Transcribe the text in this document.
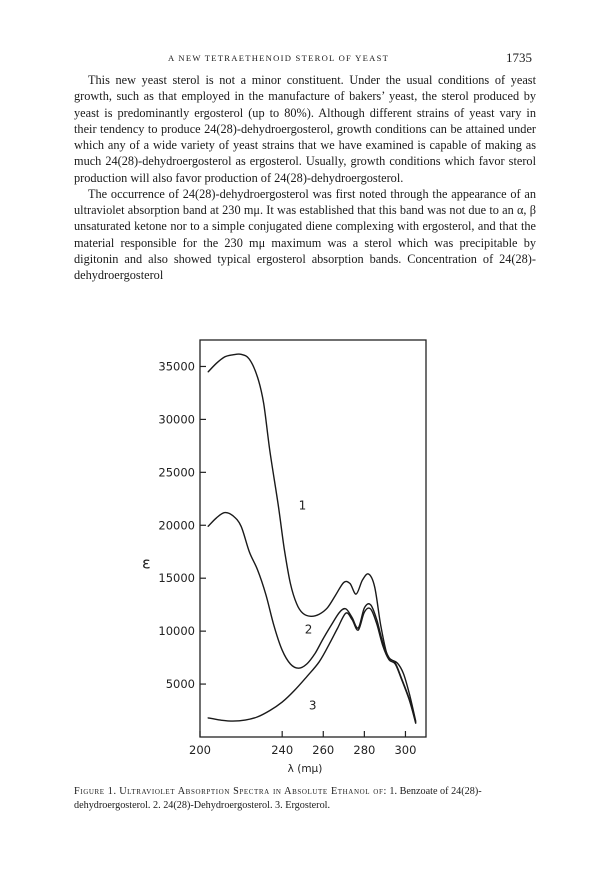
A NEW TETRAETHENOID STEROL OF YEAST	1735

This new yeast sterol is not a minor constituent. Under the usual conditions of yeast growth, such as that employed in the manufacture of bakers’ yeast, the sterol produced by yeast is predominantly ergosterol (up to 80%). Although different strains of yeast vary in their tendency to produce 24(28)-dehydroergosterol, growth conditions can be attained under which any of a wide variety of yeast strains that we have examined is capable of making as much 24(28)-dehydroergosterol as ergosterol. Usually, growth conditions which favor sterol production will also favor production of 24(28)-dehydroergosterol.

The occurrence of 24(28)-dehydroergosterol was first noted through the appearance of an ultraviolet absorption band at 230 mμ. It was established that this band was not due to an α, β unsaturated ketone nor to a simple conjugated diene complexing with ergosterol, and that the material responsible for the 230 mμ maximum was a sterol which was precipitable by digitonin and also showed typical ergosterol absorption bands. Concentration of 24(28)-dehydroergosterol

200	240 260 280 300
5000
10000
15000
20000
25000
30000
35000
λ (mμ)
ε
1
2
3
Figure 1. Ultraviolet Absorption Spectra in Absolute Ethanol of: 1. Benzoate of 24(28)-dehydroergosterol. 2. 24(28)-Dehydroergosterol. 3. Ergosterol.
